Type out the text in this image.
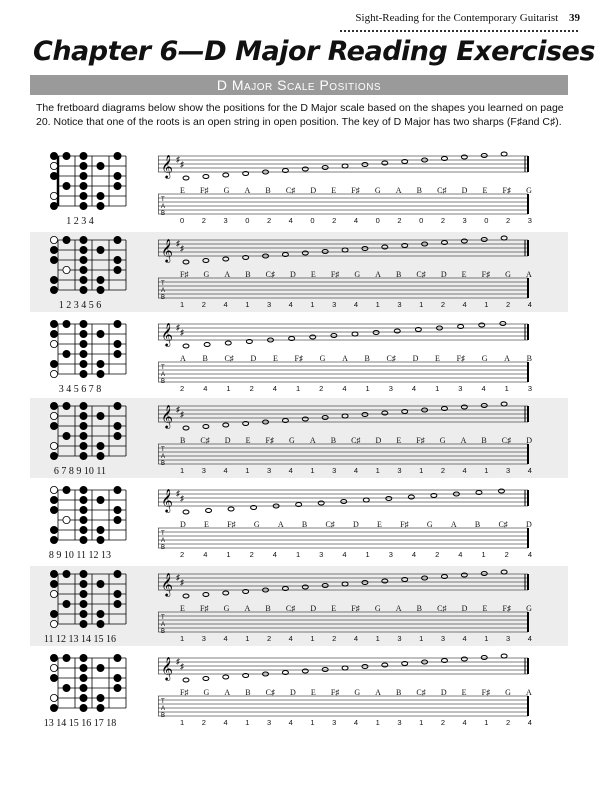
Sight-Reading for the Contemporary Guitarist 39
Chapter 6—D Major Reading Exercises
D Major Scale Positions
The fretboard diagrams below show the positions for the D Major scale based on the shapes you learned on page 20. Notice that one of the roots is an open string in open position. The key of D Major has two sharps (F♯and C♯).
1 2 3 4
𝄞 ♯
♯
T
A
B
E F♯ G A B C♯ D E F♯ G A B C♯ D E F♯ G
0 2 3 0 2 4 0 2 4 0 2 0 2 3 0 2 3
1 2 3 4 5 6
𝄞 ♯
♯
T
A
B
F♯ G A B C♯ D E F♯ G A B C♯ D E F♯ G A
1 2 4 1 3 4 1 3 4 1 3 1 2 4 1 2 4
3 4 5 6 7 8
𝄞 ♯
♯
T
A
B
A B C♯ D E F♯ G A B C♯ D E F♯ G A B
2	4	1	2	4	1	2	4	1	3	4	1	3	4	1	3
6 7 8 9 10 11
𝄞 ♯
♯
T
A
B
B C♯ D E F♯ G A B C♯ D E F♯ G A B C♯ D
1 3 4 1 3 4 1 3 4 1 3 1 2 4 1 3 4
8 9 10 11 12 13
𝄞 ♯
♯
T
A
B
D E F♯ G A B C♯ D E F♯ G A B C♯ D
2	4	1	2	4	1	3	4	1	3	4	2	4	1	2	4
11 12 13 14 15 16
𝄞 ♯
♯
T
A
B
E F♯ G A B C♯ D E F♯ G A B C♯ D E F♯ G
1 3 4 1 2 4 1 2 4 1 3 1 3 4 1 3 4
13 14 15 16 17 18
𝄞 ♯
♯
T
A
B
F♯ G A B C♯ D E F♯ G A B C♯ D E F♯ G A
1 2 4 1 3 4 1 3 4 1 3 1 2 4 1 2 4
